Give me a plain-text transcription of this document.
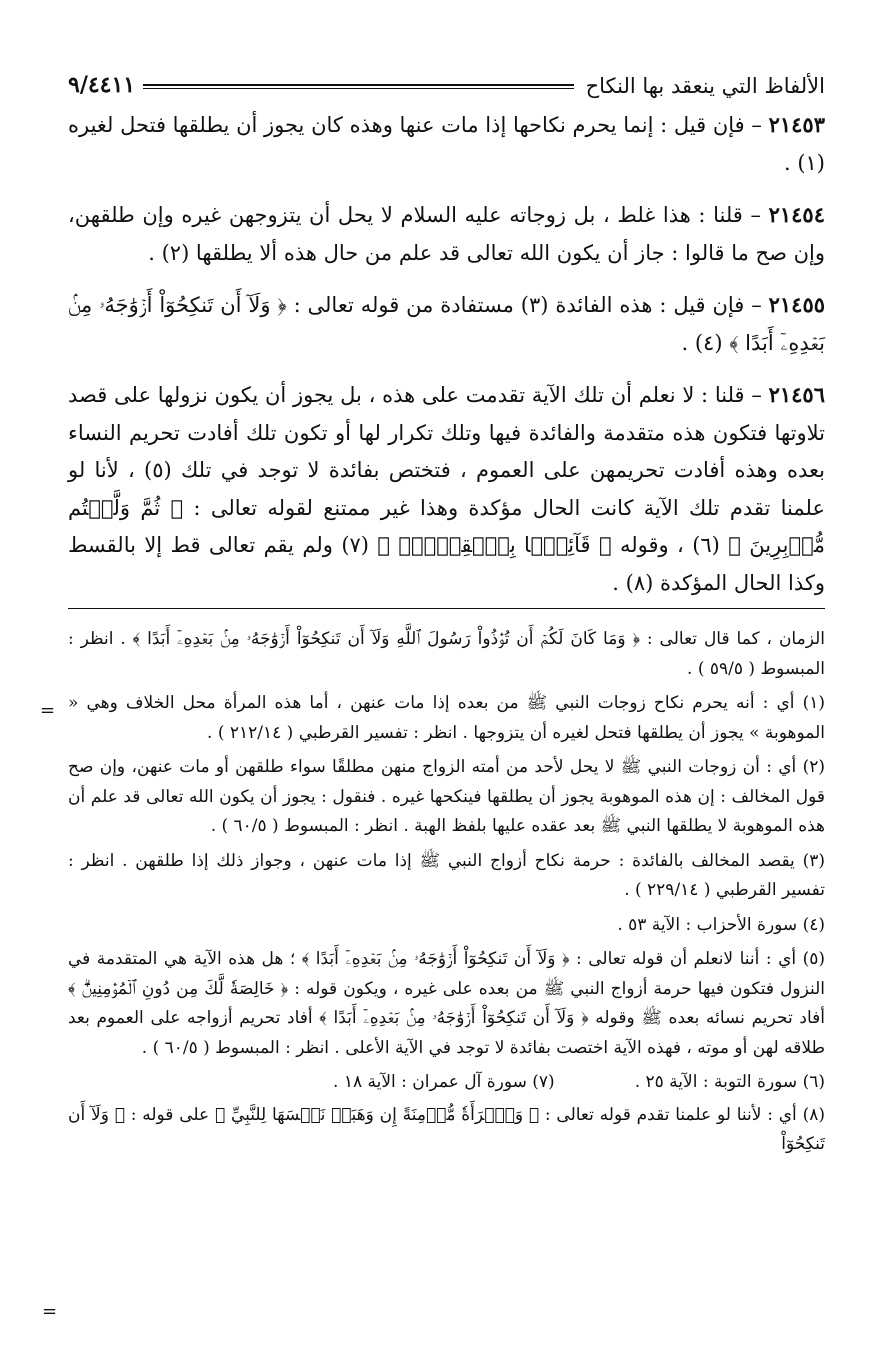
الألفاظ التي ينعقد بها النكاح
٩/٤٤١١

٢١٤٥٣ – فإن قيل : إنما يحرم نكاحها إذا مات عنها وهذه كان يجوز أن يطلقها فتحل لغيره (١) .

٢١٤٥٤ – قلنا : هذا غلط ، بل زوجاته عليه السلام لا يحل أن يتزوجهن غيره وإن طلقهن، وإن صح ما قالوا : جاز أن يكون الله تعالى قد علم من حال هذه ألا يطلقها (٢) .

٢١٤٥٥ – فإن قيل : هذه الفائدة (٣) مستفادة من قوله تعالى : ﴿ وَلَآ أَن تَنكِحُوٓاْ أَزۡوَٰجَهُۥ مِنۢ بَعۡدِهِۦٓ أَبَدًا ﴾ (٤) .

٢١٤٥٦ – قلنا : لا نعلم أن تلك الآية تقدمت على هذه ، بل يجوز أن يكون نزولها على قصد تلاوتها فتكون هذه متقدمة والفائدة فيها وتلك تكرار لها أو تكون تلك أفادت تحريم النساء بعده وهذه أفادت تحريمهن على العموم ، فتختص بفائدة لا توجد في تلك (٥) ، لأنا لو علمنا تقدم تلك الآية كانت الحال مؤكدة وهذا غير ممتنع لقوله تعالى : ﴿ ثُمَّ وَلَّيۡتُم مُّدۡبِرِينَ ﴾ (٦) ، وقوله ﴿ قَآئِمَۢا بِٱلۡقِسۡطِۚ ﴾ (٧) ولم يقم تعالى قط إلا بالقسط وكذا الحال المؤكدة (٨) .

الزمان ، كما قال تعالى : ﴿ وَمَا كَانَ لَكُمۡ أَن تُؤۡذُواْ رَسُولَ ٱللَّهِ وَلَآ أَن تَنكِحُوٓاْ أَزۡوَٰجَهُۥ مِنۢ بَعۡدِهِۦٓ أَبَدًا ﴾ . انظر : المبسوط ( ٥٩/٥ ) .

(١) أي : أنه يحرم نكاح زوجات النبي ﷺ من بعده إذا مات عنهن ، أما هذه المرأة محل الخلاف وهي « الموهوبة » يجوز أن يطلقها فتحل لغيره أن يتزوجها . انظر : تفسير القرطبي ( ٢١٢/١٤ ) .

(٢) أي : أن زوجات النبي ﷺ لا يحل لأحد من أمته الزواج منهن مطلقًا سواء طلقهن أو مات عنهن، وإن صح قول المخالف : إن هذه الموهوبة يجوز أن يطلقها فينكحها غيره . فنقول : يجوز أن يكون الله تعالى قد علم أن هذه الموهوبة لا يطلقها النبي ﷺ بعد عقده عليها بلفظ الهبة . انظر : المبسوط ( ٦٠/٥ ) .

(٣) يقصد المخالف بالفائدة : حرمة نكاح أزواج النبي ﷺ إذا مات عنهن ، وجواز ذلك إذا طلقهن . انظر : تفسير القرطبي ( ٢٢٩/١٤ ) .

(٤) سورة الأحزاب : الآية ٥٣ .

(٥) أي : أننا لانعلم أن قوله تعالى : ﴿ وَلَآ أَن تَنكِحُوٓاْ أَزۡوَٰجَهُۥ مِنۢ بَعۡدِهِۦٓ أَبَدًا ﴾ ؛ هل هذه الآية هي المتقدمة في النزول فتكون فيها حرمة أزواج النبي ﷺ من بعده على غيره ، ويكون قوله : ﴿ خَالِصَةٗ لَّكَ مِن دُونِ ٱلۡمُؤۡمِنِينَۗ ﴾ أفاد تحريم نسائه بعده ﷺ وقوله ﴿ وَلَآ أَن تَنكِحُوٓاْ أَزۡوَٰجَهُۥ مِنۢ بَعۡدِهِۦٓ أَبَدًا ﴾ أفاد تحريم أزواجه على العموم بعد طلاقه لهن أو موته ، فهذه الآية اختصت بفائدة لا توجد في الآية الأعلى . انظر : المبسوط ( ٦٠/٥ ) .

(٦) سورة التوبة : الآية ٢٥ .
(٧) سورة آل عمران : الآية ١٨ .

(٨) أي : لأننا لو علمنا تقدم قوله تعالى : ﴿ وَٱمۡرَأَةٗ مُّؤۡمِنَةً إِن وَهَبَتۡ نَفۡسَهَا لِلنَّبِيِّ ﴾ على قوله : ﴿ وَلَآ أَن تَنكِحُوٓاْ

=
=
